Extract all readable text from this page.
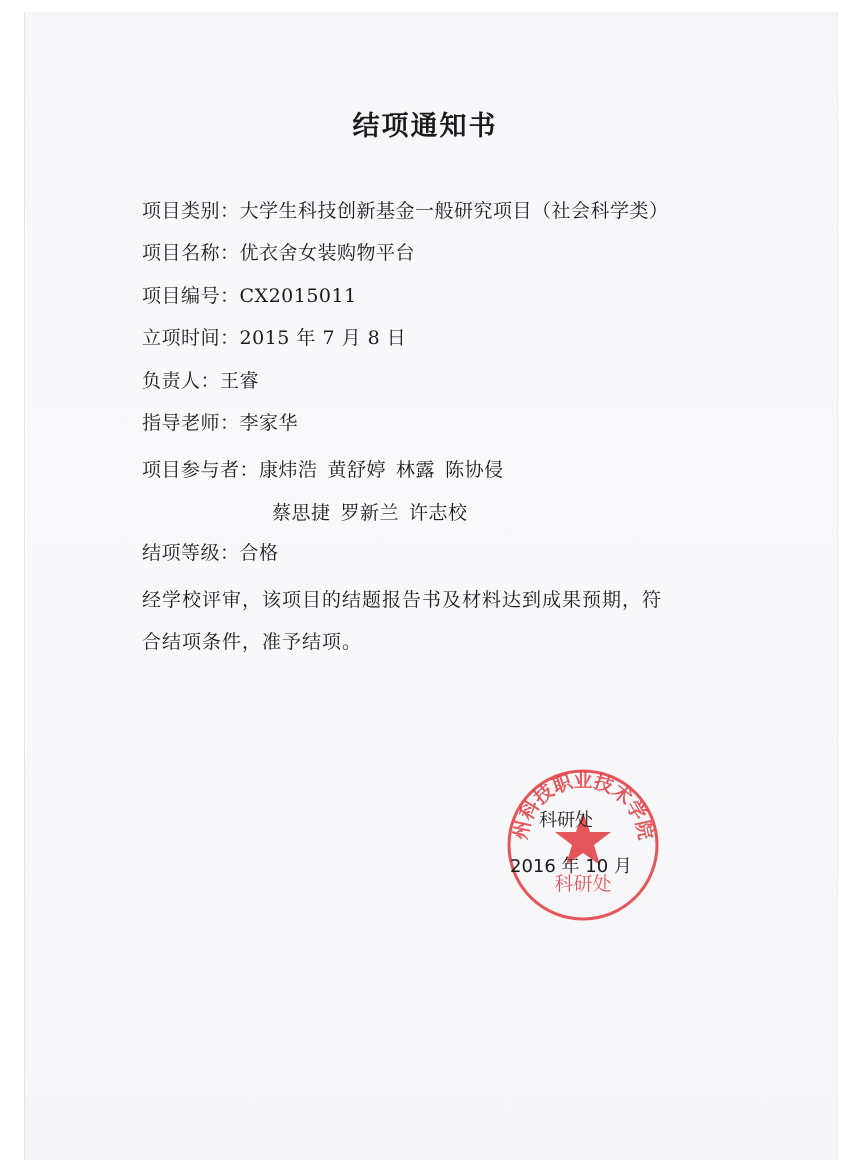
结项通知书
项目类别：大学生科技创新基金一般研究项目（社会科学类）
项目名称：优衣舍女装购物平台
项目编号：CX2015011
立项时间：2015 年 7 月 8 日
负责人：王睿
指导老师：李家华
项目参与者：康炜浩 黄舒婷 林露 陈协侵
蔡思捷 罗新兰 许志校
结项等级：合格
经学校评审，该项目的结题报告书及材料达到成果预期，符
合结项条件，准予结项。
州科技职业技术学院
科研处
科研处
2016 年 10 月
